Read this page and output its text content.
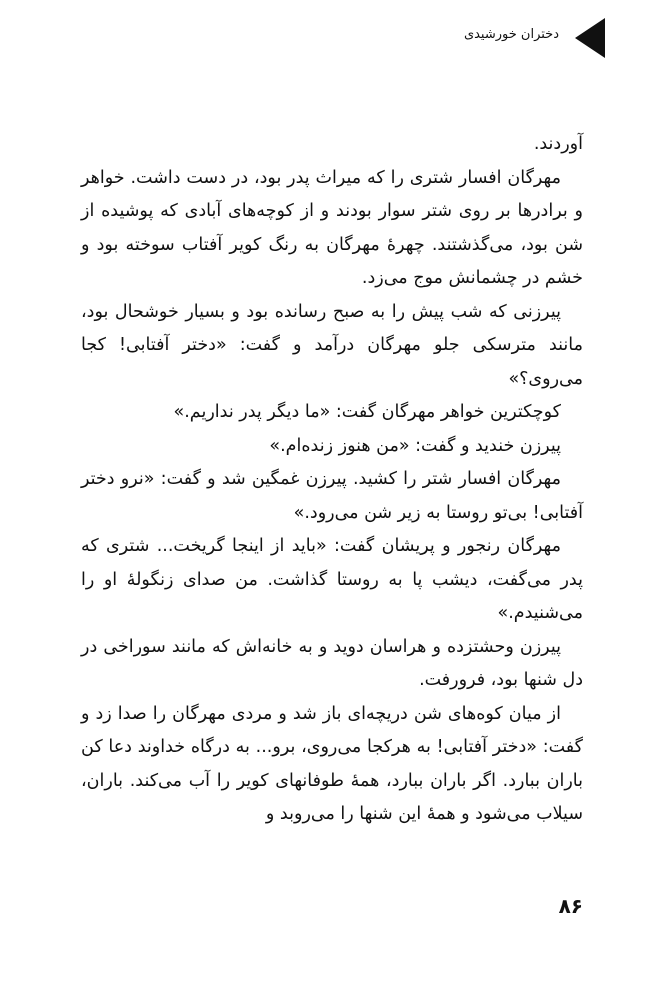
دختران خورشیدی

آوردند.

مهرگان افسار شتری را که میراث پدر بود، در دست داشت. خواهر و برادرها بر روی شتر سوار بودند و از کوچه‌های آبادی که پوشیده از شن بود، می‌گذشتند. چهرهٔ مهرگان به رنگ کویر آفتاب سوخته بود و خشم در چشمانش موج می‌زد.

پیرزنی که شب پیش را به صبح رسانده بود و بسیار خوشحال بود، مانند مترسکی جلو مهرگان درآمد و گفت: «دختر آفتابی! کجا می‌روی؟»

کوچکترین خواهر مهرگان گفت: «ما دیگر پدر نداریم.»

پیرزن خندید و گفت: «من هنوز زنده‌ام.»

مهرگان افسار شتر را کشید. پیرزن غمگین شد و گفت: «نرو دختر آفتابی! بی‌تو روستا به زیر شن می‌رود.»

مهرگان رنجور و پریشان گفت: «باید از اینجا گریخت... شتری که پدر می‌گفت، دیشب پا به روستا گذاشت. من صدای زنگولهٔ او را می‌شنیدم.»

پیرزن وحشتزده و هراسان دوید و به خانه‌اش که مانند سوراخی در دل شنها بود، فرورفت.

از میان کوه‌های شن دریچه‌ای باز شد و مردی مهرگان را صدا زد و گفت: «دختر آفتابی! به هرکجا می‌روی، برو... به درگاه خداوند دعا کن باران ببارد. اگر باران ببارد، همهٔ طوفانهای کویر را آب می‌کند. باران، سیلاب می‌شود و همهٔ این شنها را می‌روبد و

۸۶
